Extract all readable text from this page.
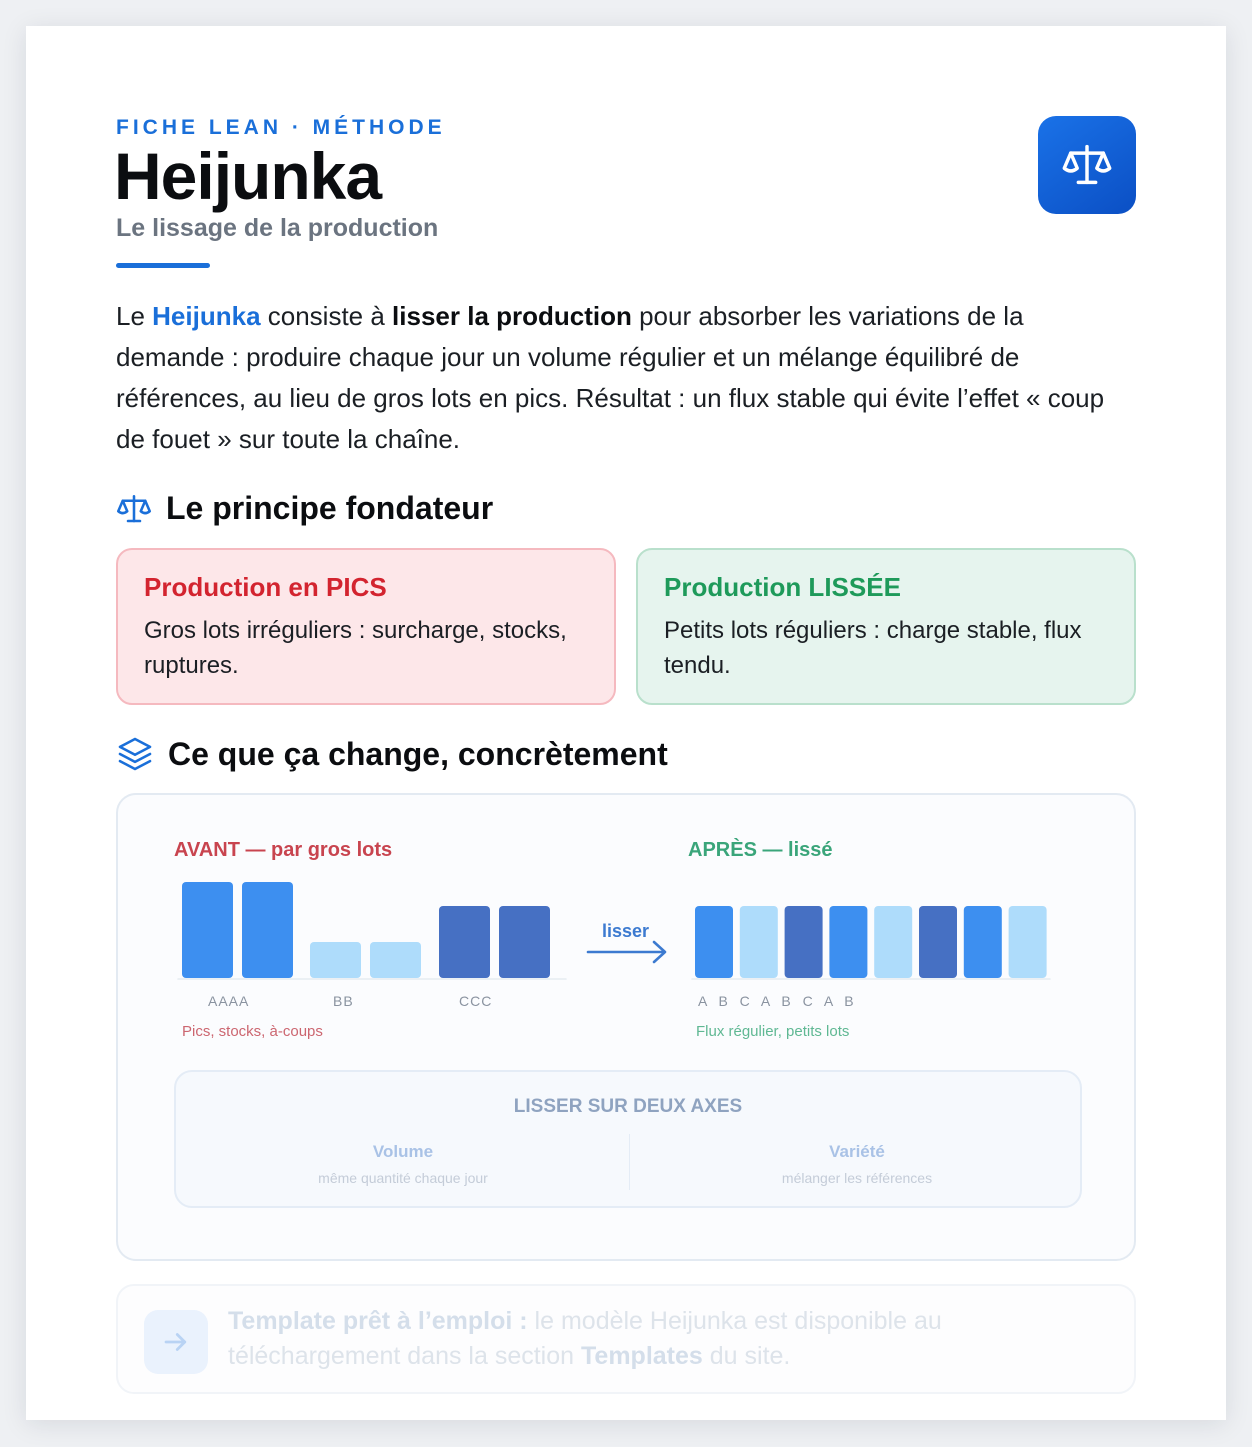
FICHE LEAN · MÉTHODE
Heijunka
Le lissage de la production

Le Heijunka consiste à lisser la production pour absorber les variations de la demande : produire chaque jour un volume régulier et un mélange équilibré de références, au lieu de gros lots en pics. Résultat : un flux stable qui évite l’effet « coup de fouet » sur toute la chaîne.

Le principe fondateur
Production en PICS

Gros lots irréguliers : surcharge, stocks, ruptures.

Production LISSÉE

Petits lots réguliers : charge stable, flux tendu.

Ce que ça change, concrètement
AVANT — par gros lots	APRÈS — lissé
lisser
AAAA	BB	CCC	A B C A B C A B
Pics, stocks, à-coups	Flux régulier, petits lots
LISSER SUR DEUX AXES
Volume
même quantité chaque jour
Variété
mélanger les références

Template prêt à l’emploi : le modèle Heijunka est disponible au téléchargement dans la section Templates du site.
